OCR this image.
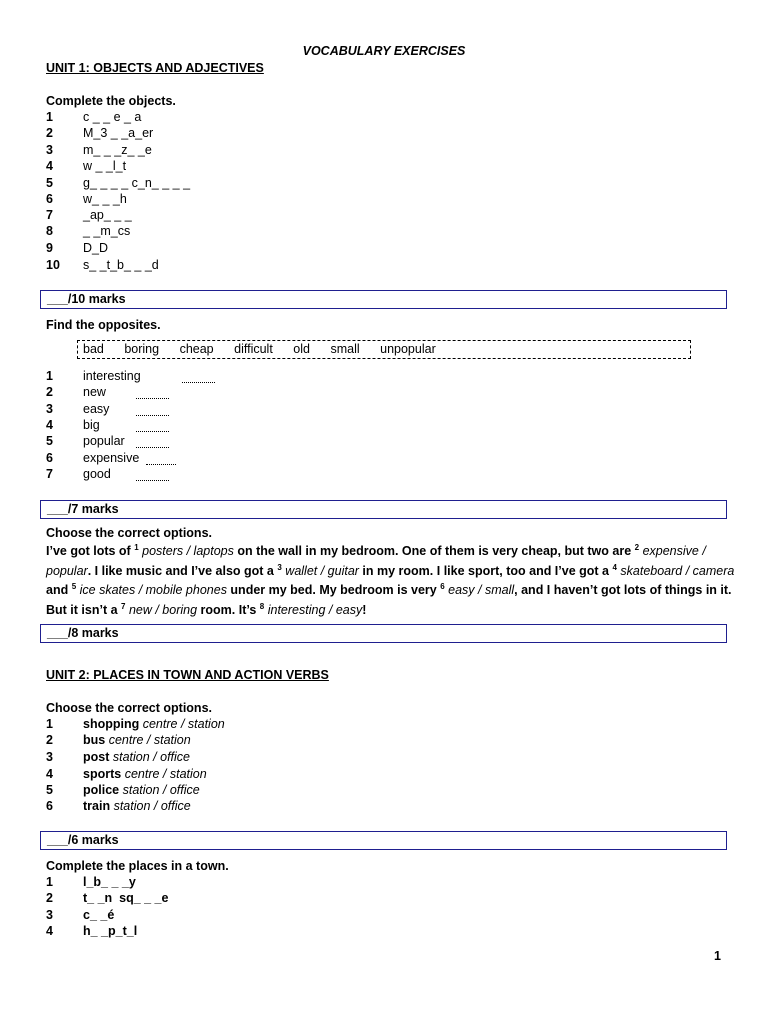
VOCABULARY EXERCISES
UNIT 1: OBJECTS AND ADJECTIVES
Complete the objects.
1	c _ _ e _ a
2	M_3 _ _a_er
3	m_ _ _z_ _e
4	w _ _l_t
5	g_ _ _ _ c_n_ _ _ _
6	w_ _ _h
7	_ap_ _ _
8	_ _m_cs
9	D_D
10	s_ _t_b_ _ _d
___/10 marks
Find the opposites.
bad boring cheap difficult old small unpopular
1	interesting
2	new
3	easy
4	big
5	popular
6	expensive
7	good
___/7 marks
Choose the correct options.
I’ve got lots of $^1$ posters / laptops on the wall in my bedroom. One of them is very cheap, but two are $^2$ expensive / popular. I like music and I’ve also got a $^3$ wallet / guitar in my room. I like sport, too and I’ve got a $^4$ skateboard / camera and $^5$ ice skates / mobile phones under my bed. My bedroom is very $^6$ easy / small, and I haven’t got lots of things in it. But it isn’t a $^7$ new / boring room. It’s $^8$ interesting / easy!
___/8 marks
UNIT 2: PLACES IN TOWN AND ACTION VERBS
Choose the correct options.
1	shopping centre / station
2	bus centre / station
3	post station / office
4	sports centre / station
5	police station / office
6	train station / office
___/6 marks
Complete the places in a town.
1	l_b_ _ _y
2	t_ _n  sq_ _ _e
3	c_ _é
4	h_ _p_t_l
1
